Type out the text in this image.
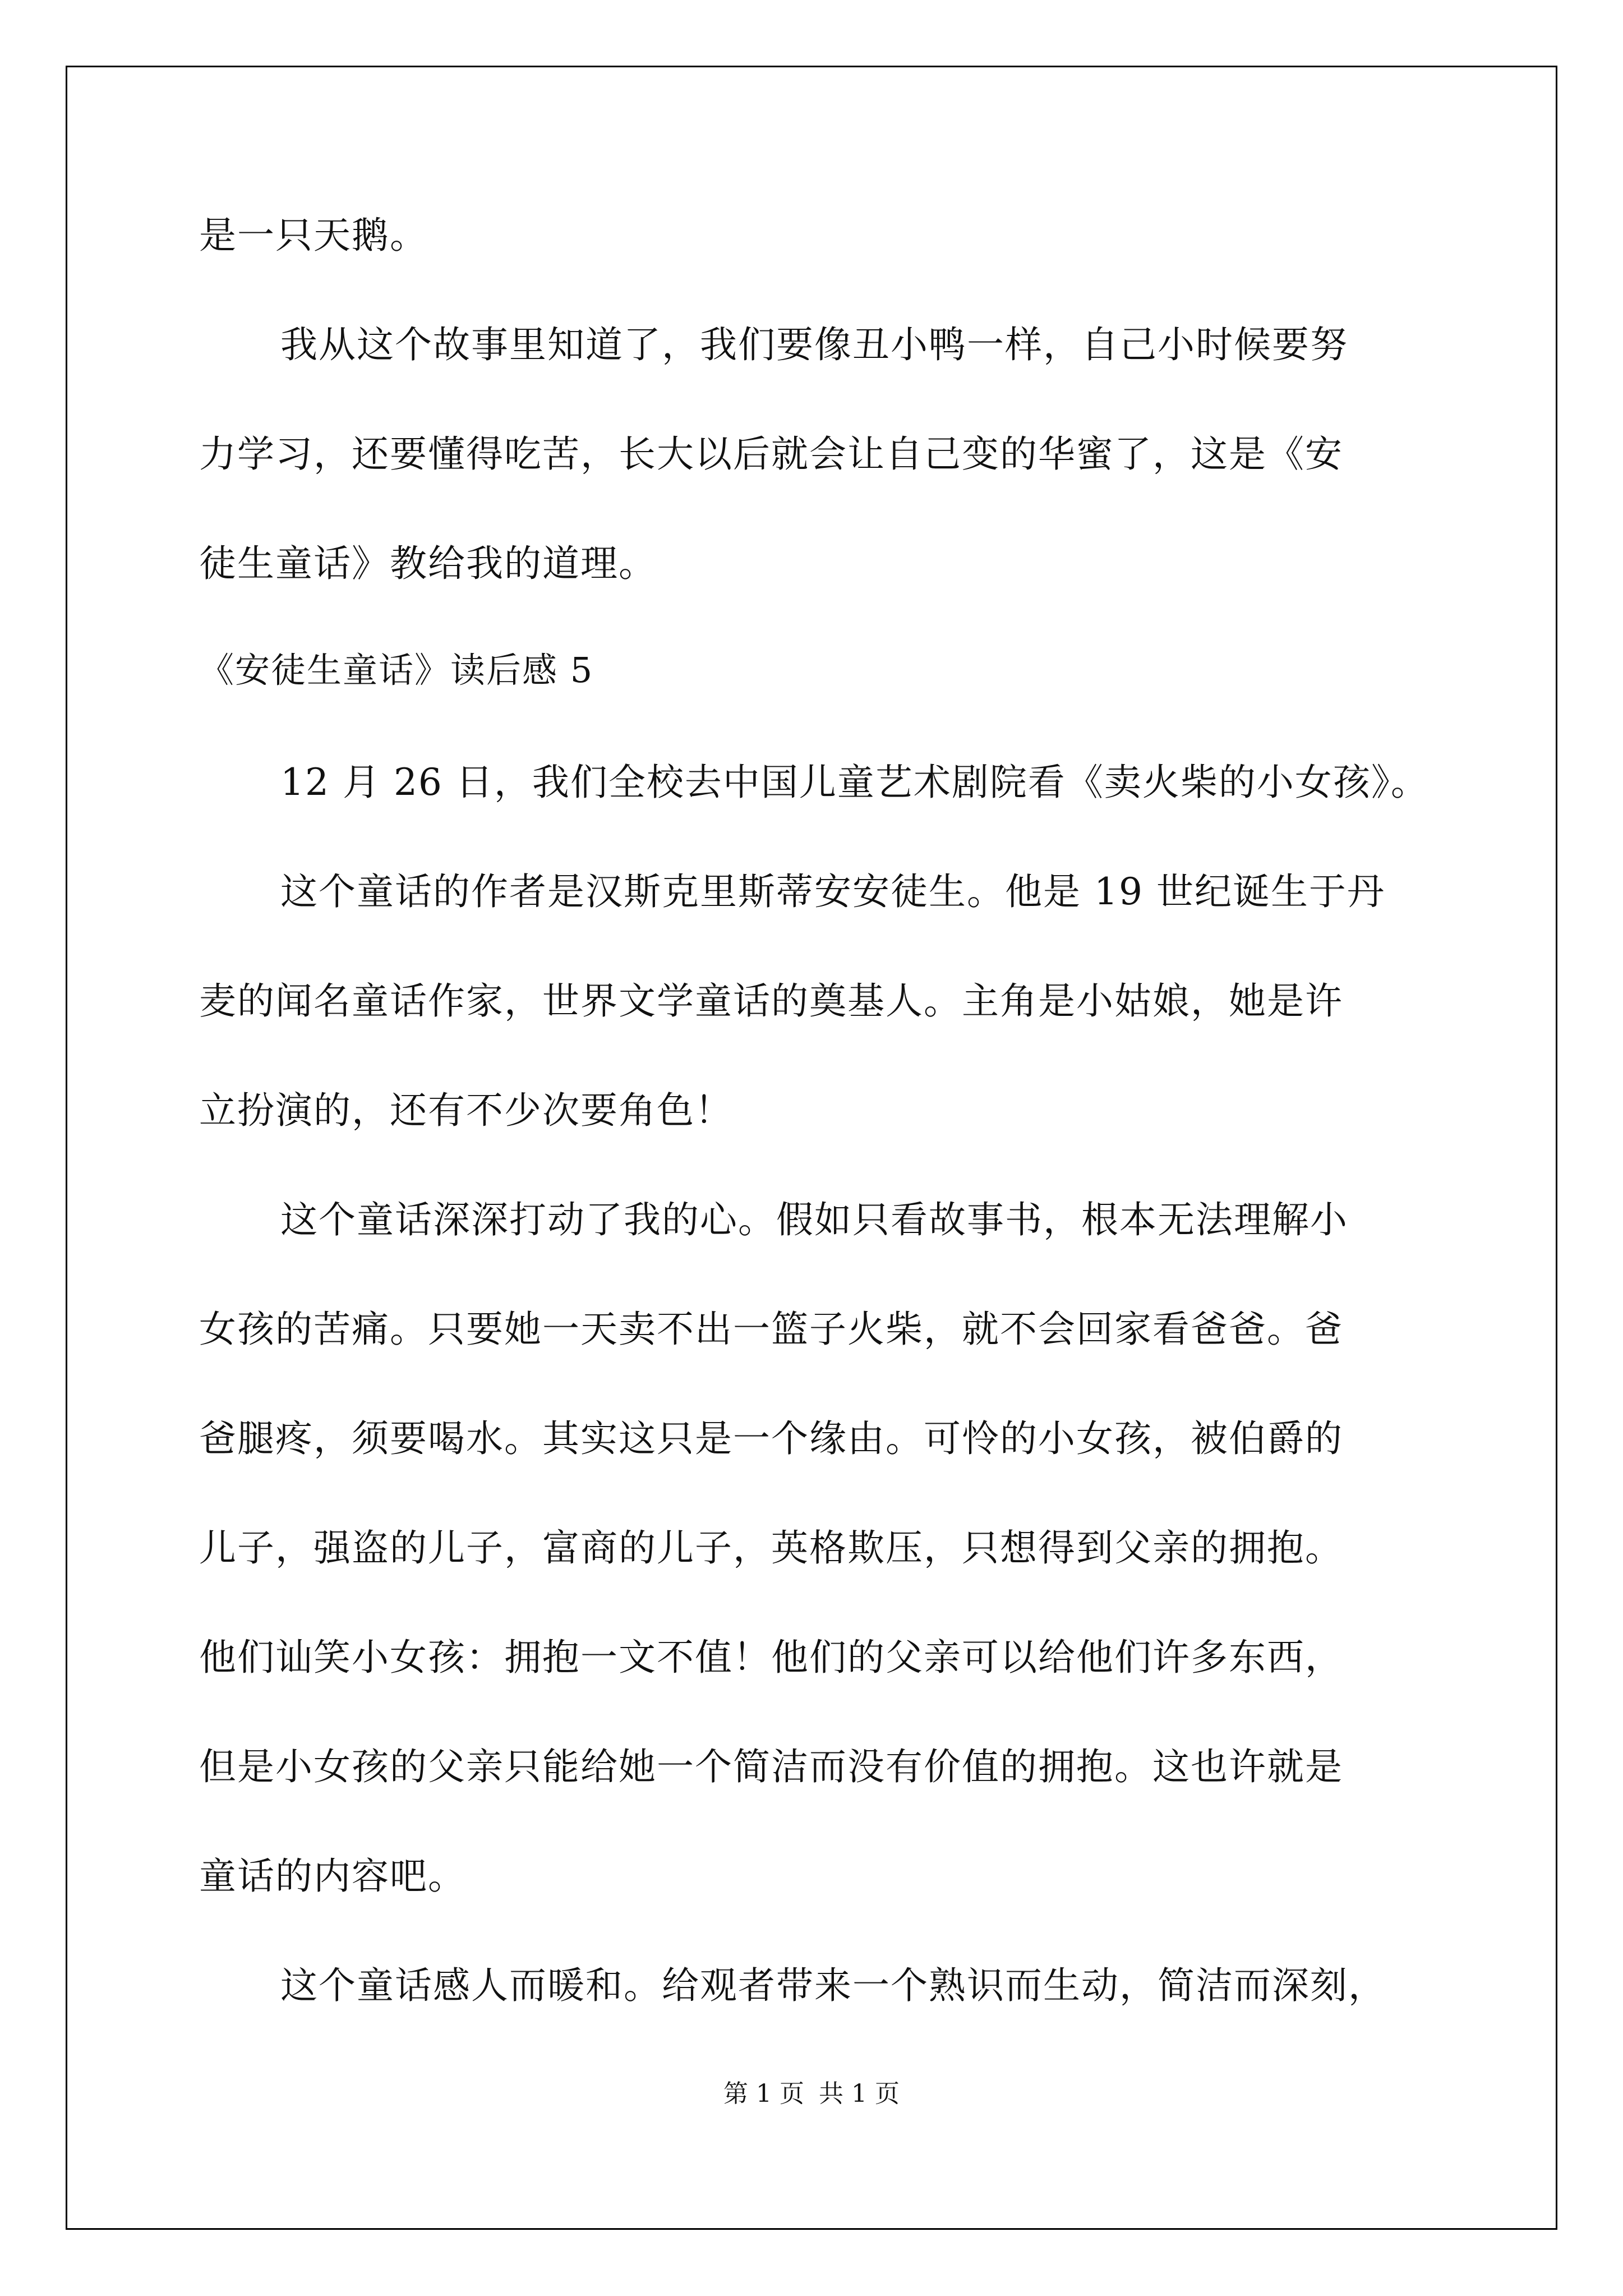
是一只天鹅。
我从这个故事里知道了，我们要像丑小鸭一样，自己小时候要努
力学习，还要懂得吃苦，长大以后就会让自己变的华蜜了，这是《安
徒生童话》教给我的道理。
《安徒生童话》读后感 5
12 月 26 日，我们全校去中国儿童艺术剧院看《卖火柴的小女孩》。
这个童话的作者是汉斯克里斯蒂安安徒生。他是 19 世纪诞生于丹
麦的闻名童话作家，世界文学童话的奠基人。主角是小姑娘，她是许
立扮演的，还有不少次要角色！
这个童话深深打动了我的心。假如只看故事书，根本无法理解小
女孩的苦痛。只要她一天卖不出一篮子火柴，就不会回家看爸爸。爸
爸腿疼，须要喝水。其实这只是一个缘由。可怜的小女孩，被伯爵的
儿子，强盗的儿子，富商的儿子，英格欺压，只想得到父亲的拥抱。
他们讪笑小女孩：拥抱一文不值！他们的父亲可以给他们许多东西，
但是小女孩的父亲只能给她一个简洁而没有价值的拥抱。这也许就是
童话的内容吧。
这个童话感人而暖和。给观者带来一个熟识而生动，简洁而深刻，
第 1 页 共 1 页
